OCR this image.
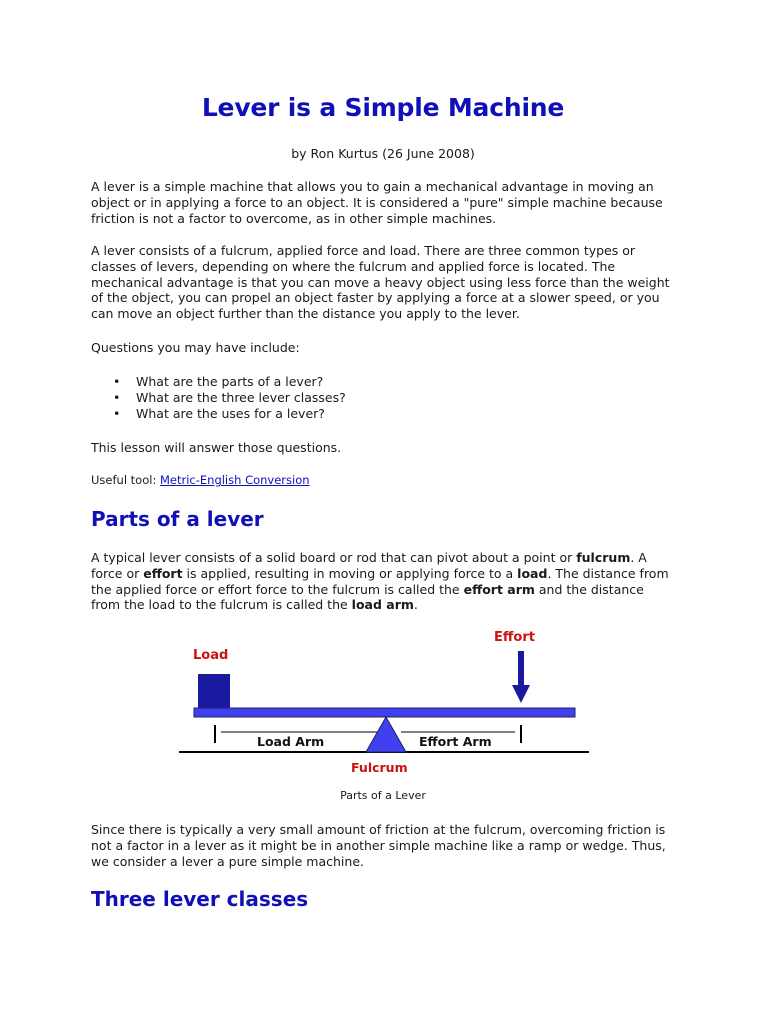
Lever is a Simple Machine

by Ron Kurtus (26 June 2008)

A lever is a simple machine that allows you to gain a mechanical advantage in moving an object or in applying a force to an object. It is considered a "pure" simple machine because friction is not a factor to overcome, as in other simple machines.

A lever consists of a fulcrum, applied force and load. There are three common types or classes of levers, depending on where the fulcrum and applied force is located. The mechanical advantage is that you can move a heavy object using less force than the weight of the object, you can propel an object faster by applying a force at a slower speed, or you can move an object further than the distance you apply to the lever.

Questions you may have include:

• What are the parts of a lever?
• What are the three lever classes?
• What are the uses for a lever?

This lesson will answer those questions.

Useful tool: Metric-English Conversion

Parts of a lever

A typical lever consists of a solid board or rod that can pivot about a point or fulcrum. A force or effort is applied, resulting in moving or applying force to a load. The distance from the applied force or effort force to the fulcrum is called the effort arm and the distance from the load to the fulcrum is called the load arm.

Load
Effort
Load Arm	Effort Arm
Fulcrum

Parts of a Lever

Since there is typically a very small amount of friction at the fulcrum, overcoming friction is not a factor in a lever as it might be in another simple machine like a ramp or wedge. Thus, we consider a lever a pure simple machine.

Three lever classes
